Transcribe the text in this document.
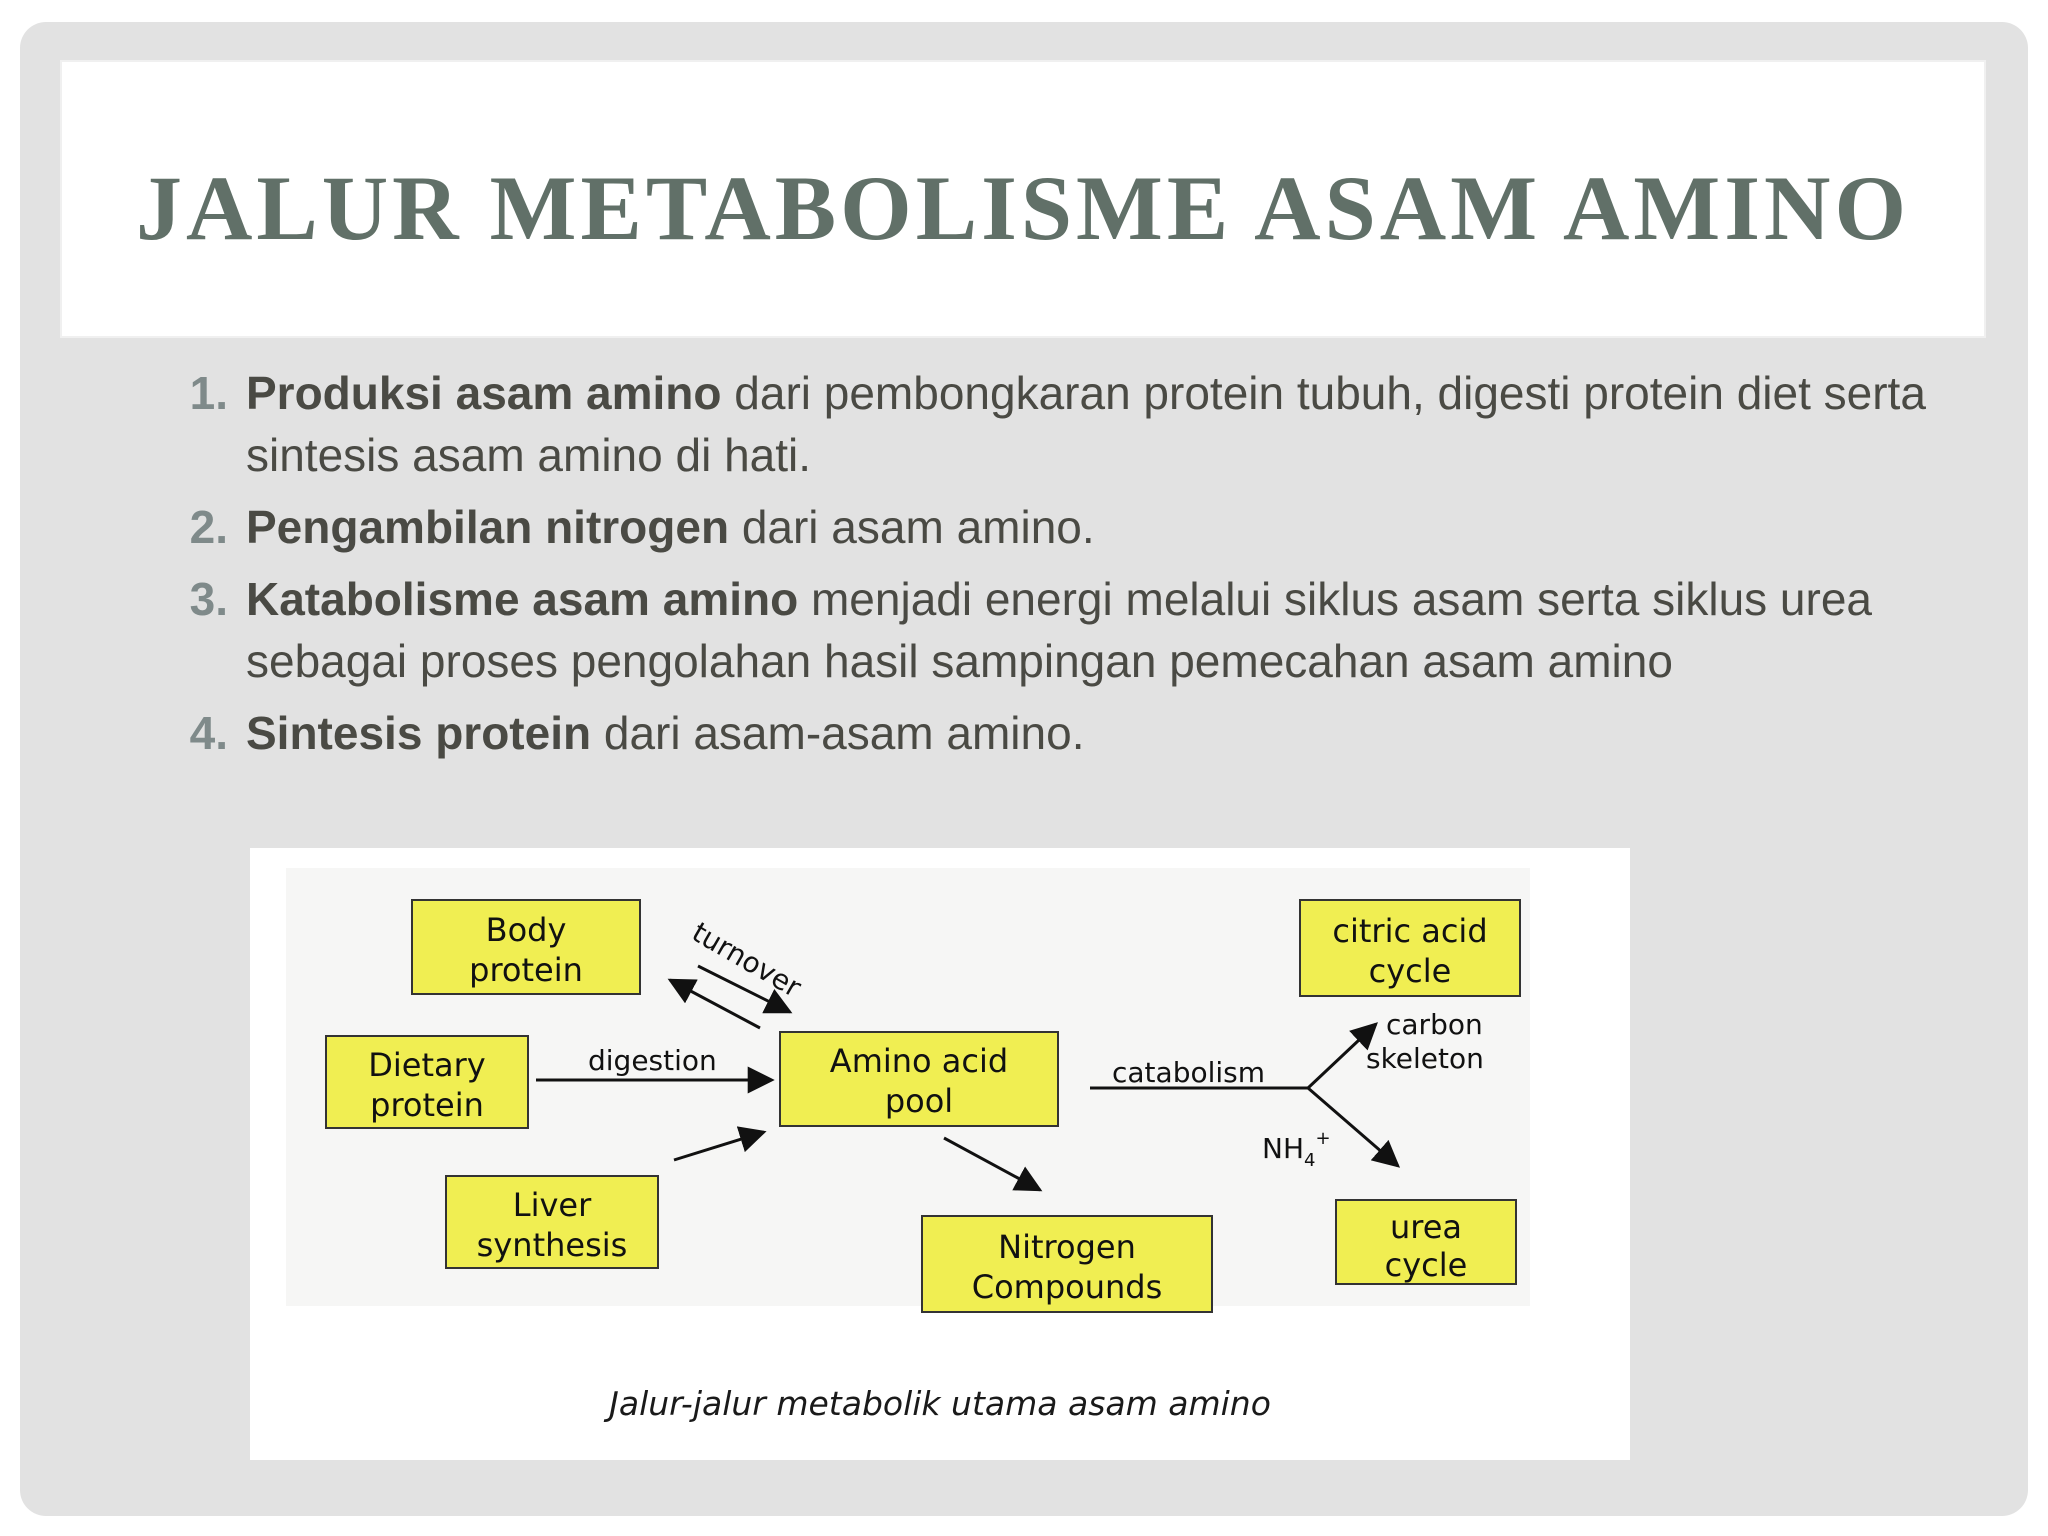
JALUR METABOLISME ASAM AMINO
1. Produksi asam amino dari pembongkaran protein tubuh, digesti protein diet serta sintesis asam amino di hati.
2. Pengambilan nitrogen dari asam amino.
3. Katabolisme asam amino menjadi energi melalui siklus asam serta siklus urea sebagai proses pengolahan hasil sampingan pemecahan asam amino
4. Sintesis protein dari asam-asam amino.
Body
protein
Dietary
protein
Liver
synthesis
Amino acid
pool
Nitrogen
Compounds
citric acid
cycle
urea
cycle
turnover
digestion	catabolism
carbon
skeleton
$NH_4^+$
Jalur-jalur metabolik utama asam amino
